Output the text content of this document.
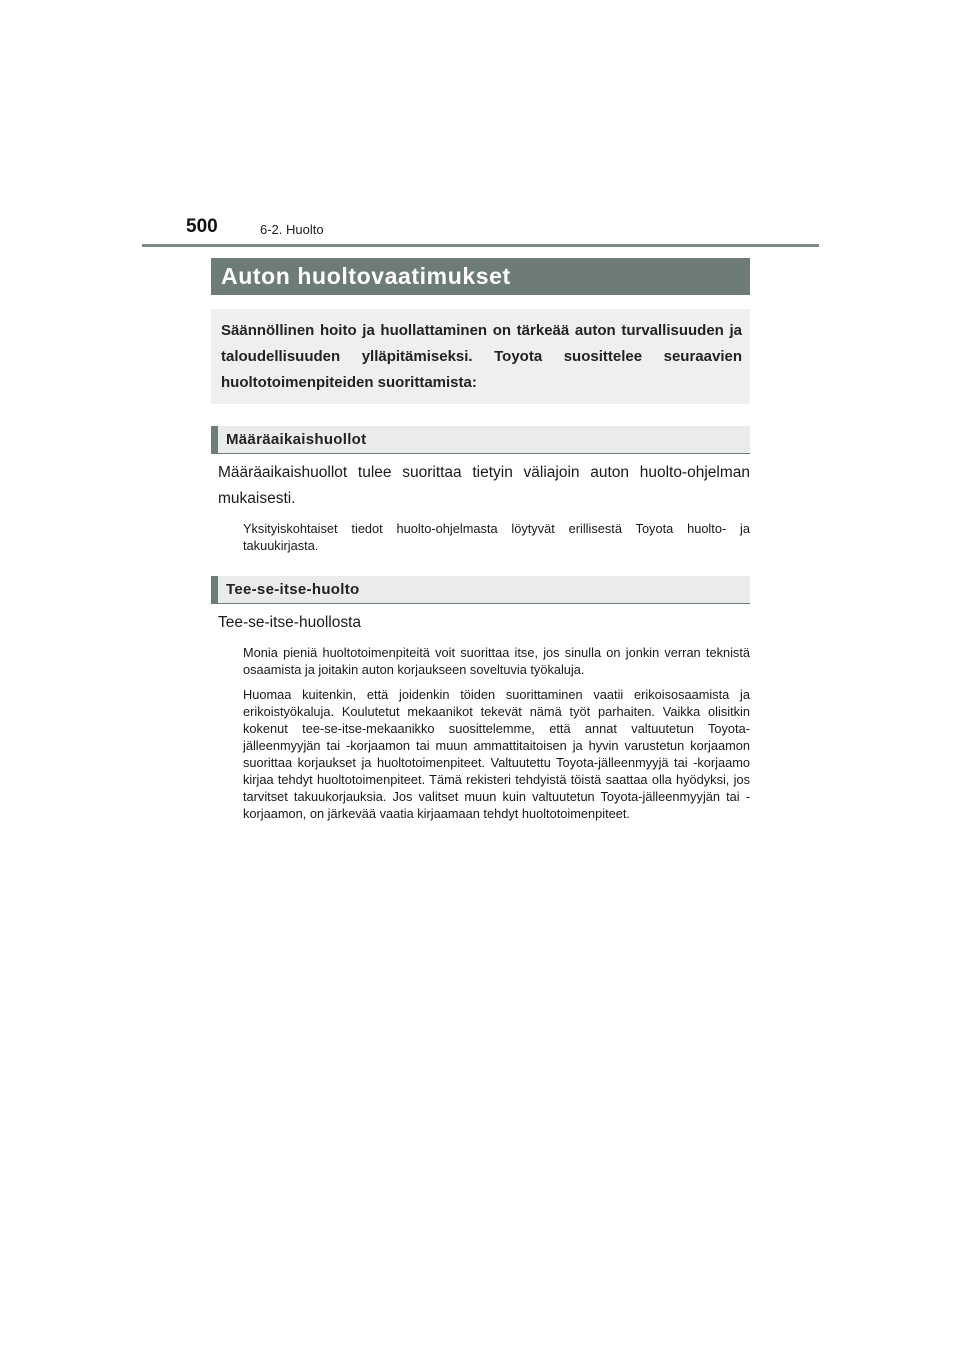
500	6-2. Huolto
Auton huoltovaatimukset
Säännöllinen hoito ja huollattaminen on tärkeää auton turvallisuuden ja taloudellisuuden ylläpitämiseksi. Toyota suosittelee seuraavien huoltotoimenpiteiden suorittamista:
Määräaikaishuollot
Määräaikaishuollot tulee suorittaa tietyin väliajoin auton huolto-ohjelman mukaisesti.
Yksityiskohtaiset tiedot huolto-ohjelmasta löytyvät erillisestä Toyota huolto- ja takuukirjasta.
Tee-se-itse-huolto
Tee-se-itse-huollosta
Monia pieniä huoltotoimenpiteitä voit suorittaa itse, jos sinulla on jonkin verran teknistä osaamista ja joitakin auton korjaukseen soveltuvia työkaluja.
Huomaa kuitenkin, että joidenkin töiden suorittaminen vaatii erikoisosaamista ja erikoistyökaluja. Koulutetut mekaanikot tekevät nämä työt parhaiten. Vaikka olisitkin kokenut tee-se-itse-mekaanikko suosittelemme, että annat valtuutetun Toyota-jälleenmyyjän tai -korjaamon tai muun ammattitaitoisen ja hyvin varustetun korjaamon suorittaa korjaukset ja huoltotoimenpiteet. Valtuutettu Toyota-jälleenmyyjä tai -korjaamo kirjaa tehdyt huoltotoimenpiteet. Tämä rekisteri tehdyistä töistä saattaa olla hyödyksi, jos tarvitset takuukorjauksia. Jos valitset muun kuin valtuutetun Toyota-jälleenmyyjän tai -korjaamon, on järkevää vaatia kirjaamaan tehdyt huoltotoimenpiteet.
